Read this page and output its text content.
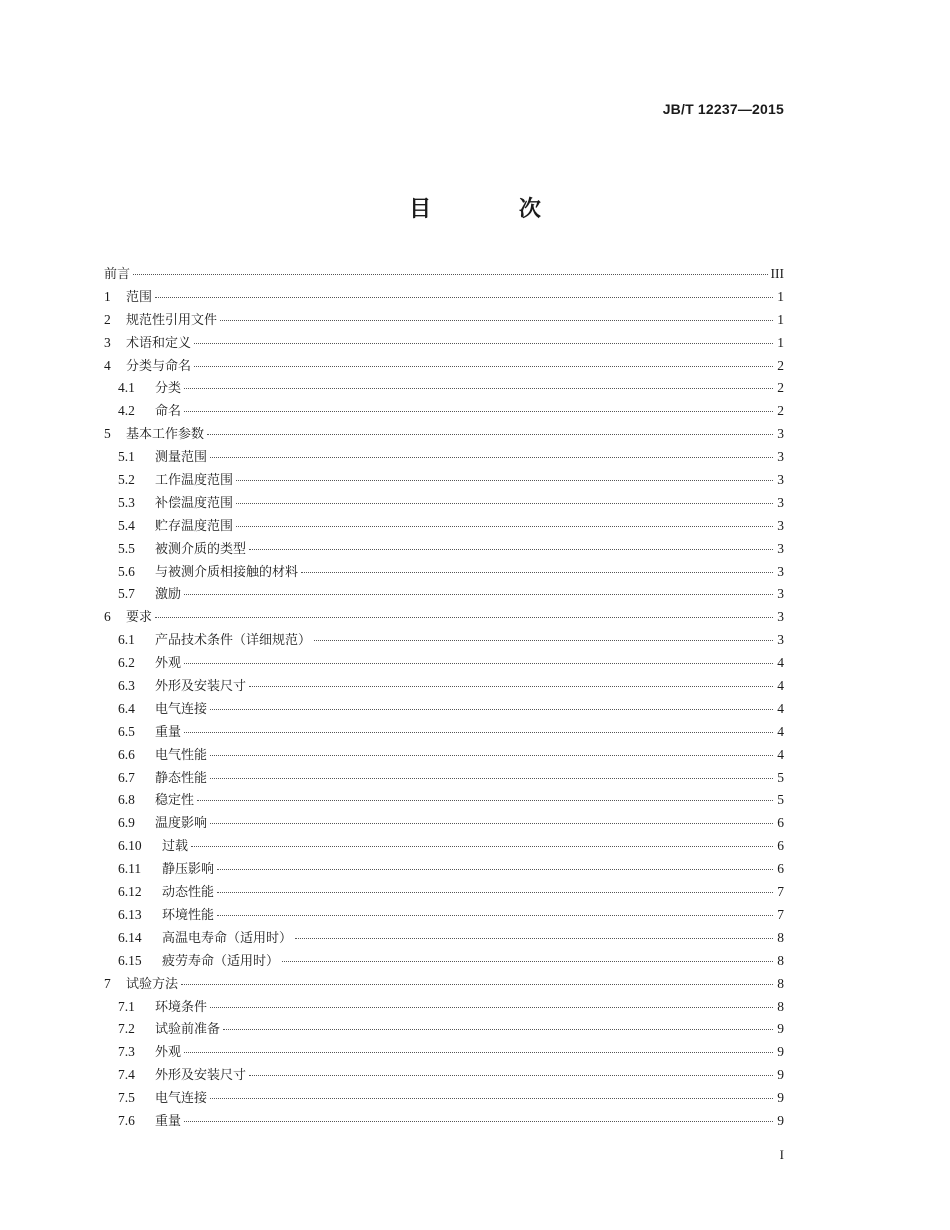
JB/T 12237—2015
目 次
前言	III
1	范围	1
2	规范性引用文件	1
3	术语和定义	1
4	分类与命名	2
4.1	分类	2
4.2	命名	2
5	基本工作参数	3
5.1	测量范围	3
5.2	工作温度范围	3
5.3	补偿温度范围	3
5.4	贮存温度范围	3
5.5	被测介质的类型	3
5.6	与被测介质相接触的材料	3
5.7	激励	3
6	要求	3
6.1	产品技术条件（详细规范）	3
6.2	外观	4
6.3	外形及安装尺寸	4
6.4	电气连接	4
6.5	重量	4
6.6	电气性能	4
6.7	静态性能	5
6.8	稳定性	5
6.9	温度影响	6
6.10	过载	6
6.11	静压影响	6
6.12	动态性能	7
6.13	环境性能	7
6.14	高温电寿命（适用时）	8
6.15	疲劳寿命（适用时）	8
7	试验方法	8
7.1	环境条件	8
7.2	试验前准备	9
7.3	外观	9
7.4	外形及安装尺寸	9
7.5	电气连接	9
7.6	重量	9
I
